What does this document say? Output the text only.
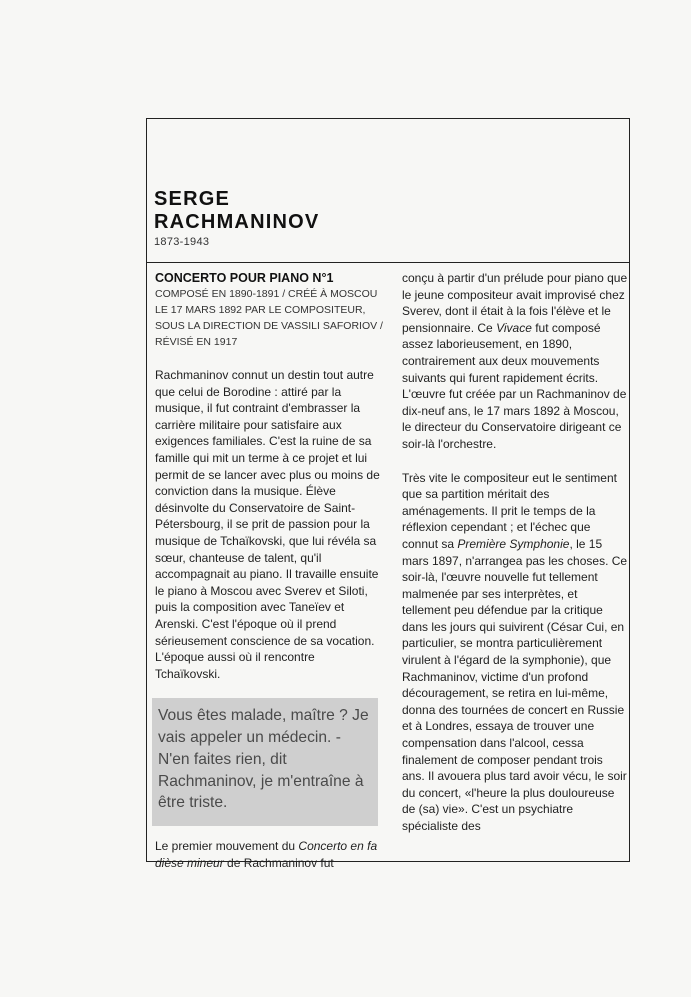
SERGE
RACHMANINOV
1873-1943
CONCERTO POUR PIANO N°1
COMPOSÉ EN 1890-1891 / CRÉÉ À MOSCOU LE 17 MARS 1892 PAR LE COMPOSITEUR, SOUS LA DIRECTION DE VASSILI SAFORIOV / RÉVISÉ EN 1917

Rachmaninov connut un destin tout autre que celui de Borodine : attiré par la musique, il fut contraint d'embrasser la carrière militaire pour satisfaire aux exigences familiales. C'est la ruine de sa famille qui mit un terme à ce projet et lui permit de se lancer avec plus ou moins de conviction dans la musique. Élève désinvolte du Conservatoire de Saint-Pétersbourg, il se prit de passion pour la musique de Tchaïkovski, que lui révéla sa sœur, chanteuse de talent, qu'il accompagnait au piano. Il travaille ensuite le piano à Moscou avec Sverev et Siloti, puis la composition avec Taneïev et Arenski. C'est l'époque où il prend sérieusement conscience de sa vocation. L'époque aussi où il rencontre Tchaïkovski.

Vous êtes malade, maître ? Je vais appeler un médecin. - N'en faites rien, dit Rachmaninov, je m'entraîne à être triste.

Le premier mouvement du Concerto en fa dièse mineur de Rachmaninov fut

conçu à partir d'un prélude pour piano que le jeune compositeur avait improvisé chez Sverev, dont il était à la fois l'élève et le pensionnaire. Ce Vivace fut composé assez laborieusement, en 1890, contrairement aux deux mouvements suivants qui furent rapidement écrits. L'œuvre fut créée par un Rachmaninov de dix-neuf ans, le 17 mars 1892 à Moscou, le directeur du Conservatoire dirigeant ce soir-là l'orchestre.

Très vite le compositeur eut le sentiment que sa partition méritait des aménagements. Il prit le temps de la réflexion cependant ; et l'échec que connut sa Première Symphonie, le 15 mars 1897, n'arrangea pas les choses. Ce soir-là, l'œuvre nouvelle fut tellement malmenée par ses interprètes, et tellement peu défendue par la critique dans les jours qui suivirent (César Cui, en particulier, se montra particulièrement virulent à l'égard de la symphonie), que Rachmaninov, victime d'un profond découragement, se retira en lui-même, donna des tournées de concert en Russie et à Londres, essaya de trouver une compensation dans l'alcool, cessa finalement de composer pendant trois ans. Il avouera plus tard avoir vécu, le soir du concert, «l'heure la plus douloureuse de (sa) vie». C'est un psychiatre spécialiste des
